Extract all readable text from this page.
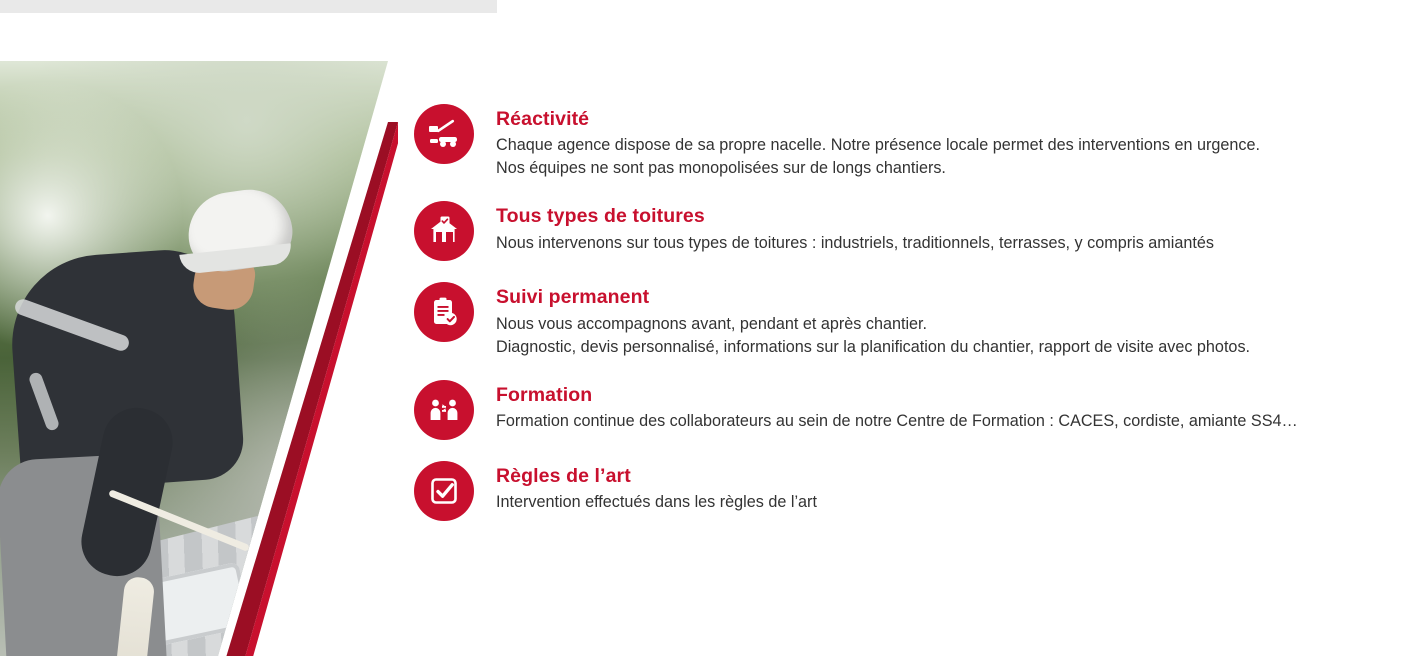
Réactivité

Chaque agence dispose de sa propre nacelle. Notre présence locale permet des interventions en urgence.

Nos équipes ne sont pas monopolisées sur de longs chantiers.

Tous types de toitures

Nous intervenons sur tous types de toitures : industriels, traditionnels, terrasses, y compris amiantés

Suivi permanent

Nous vous accompagnons avant, pendant et après chantier.

Diagnostic, devis personnalisé, informations sur la planification du chantier, rapport de visite avec photos.

Formation

Formation continue des collaborateurs au sein de notre Centre de Formation : CACES, cordiste, amiante SS4…

Règles de l’art

Intervention effectués dans les règles de l’art
